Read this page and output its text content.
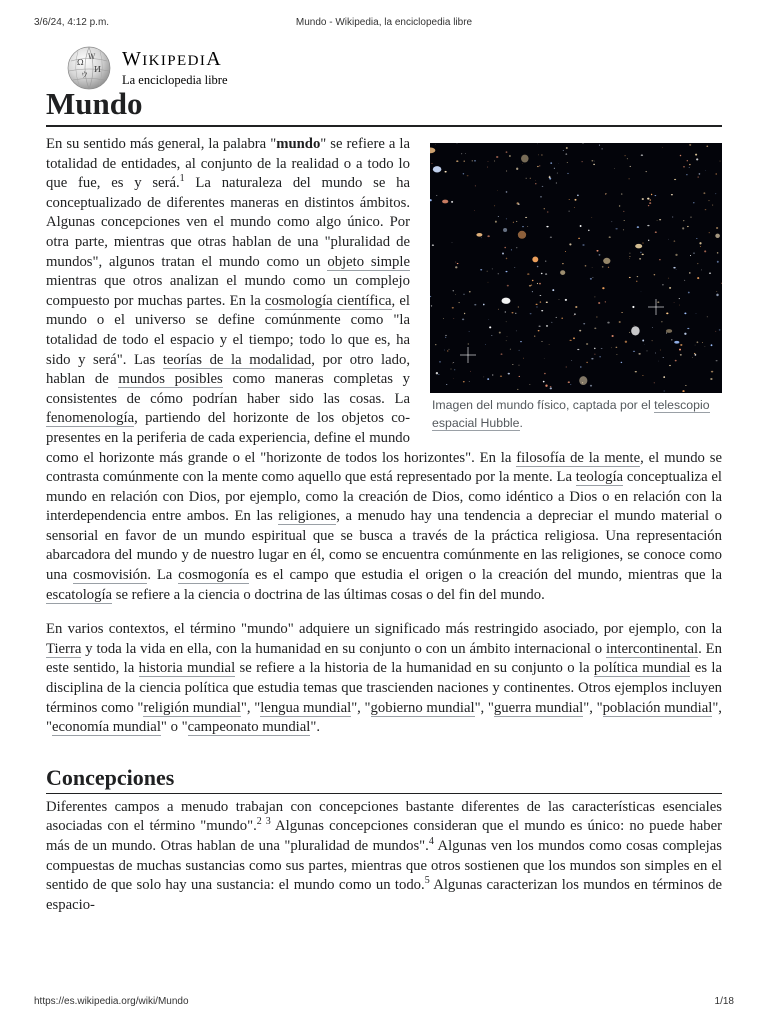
3/6/24, 4:12 p.m.	Mundo - Wikipedia, la enciclopedia libre
Ω
W
И
ウ
WIKIPEDIA
La enciclopedia libre
Mundo
Imagen del mundo físico, captada por el telescopio espacial Hubble.

En su sentido más general, la palabra "mundo" se refiere a la totalidad de entidades, al conjunto de la realidad o a todo lo que fue, es y será.$^1$ La naturaleza del mundo se ha conceptualizado de diferentes maneras en distintos ámbitos. Algunas concepciones ven el mundo como algo único. Por otra parte, mientras que otras hablan de una "pluralidad de mundos", algunos tratan el mundo como un objeto simple mientras que otros analizan el mundo como un complejo compuesto por muchas partes. En la cosmología científica, el mundo o el universo se define comúnmente como "la totalidad de todo el espacio y el tiempo; todo lo que es, ha sido y será". Las teorías de la modalidad, por otro lado, hablan de mundos posibles como maneras completas y consistentes de cómo podrían haber sido las cosas. La fenomenología, partiendo del horizonte de los objetos co-presentes en la periferia de cada experiencia, define el mundo como el horizonte más grande o el "horizonte de todos los horizontes". En la filosofía de la mente, el mundo se contrasta comúnmente con la mente como aquello que está representado por la mente. La teología conceptualiza el mundo en relación con Dios, por ejemplo, como la creación de Dios, como idéntico a Dios o en relación con la interdependencia entre ambos. En las religiones, a menudo hay una tendencia a depreciar el mundo material o sensorial en favor de un mundo espiritual que se busca a través de la práctica religiosa. Una representación abarcadora del mundo y de nuestro lugar en él, como se encuentra comúnmente en las religiones, se conoce como una cosmovisión. La cosmogonía es el campo que estudia el origen o la creación del mundo, mientras que la escatología se refiere a la ciencia o doctrina de las últimas cosas o del fin del mundo.

En varios contextos, el término "mundo" adquiere un significado más restringido asociado, por ejemplo, con la Tierra y toda la vida en ella, con la humanidad en su conjunto o con un ámbito internacional o intercontinental. En este sentido, la historia mundial se refiere a la historia de la humanidad en su conjunto o la política mundial es la disciplina de la ciencia política que estudia temas que trascienden naciones y continentes. Otros ejemplos incluyen términos como "religión mundial", "lengua mundial", "gobierno mundial", "guerra mundial", "población mundial", "economía mundial" o "campeonato mundial".

Concepciones

Diferentes campos a menudo trabajan con concepciones bastante diferentes de las características esenciales asociadas con el término "mundo".$^{2 3}$ Algunas concepciones consideran que el mundo es único: no puede haber más de un mundo. Otras hablan de una "pluralidad de mundos".$^4$ Algunas ven los mundos como cosas complejas compuestas de muchas sustancias como sus partes, mientras que otros sostienen que los mundos son simples en el sentido de que solo hay una sustancia: el mundo como un todo.$^5$ Algunas caracterizan los mundos en términos de espacio-

https://es.wikipedia.org/wiki/Mundo	1/18
